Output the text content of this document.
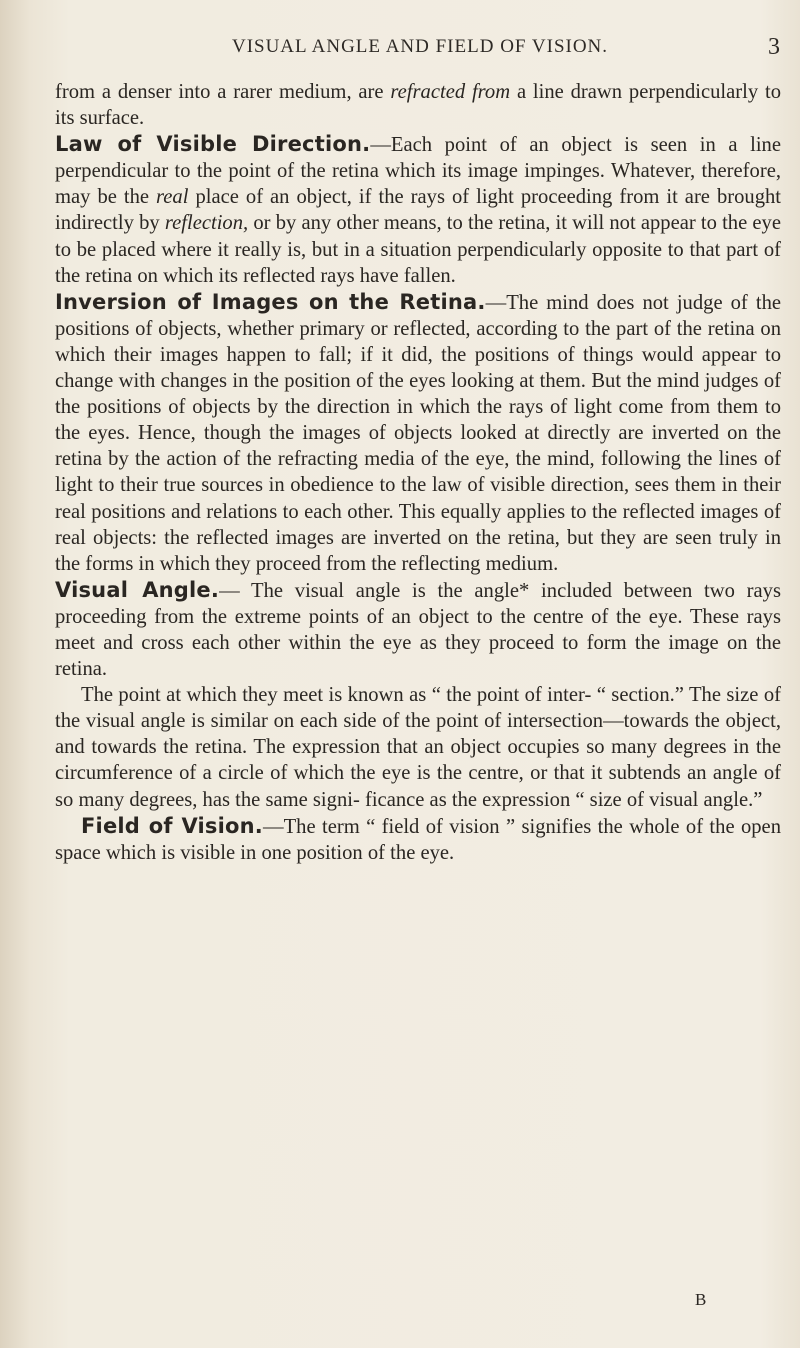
VISUAL ANGLE AND FIELD OF VISION.	3

from a denser into a rarer medium, are refracted from a line drawn perpendicularly to its surface.

Law of Visible Direction.—Each point of an object is seen in a line perpendicular to the point of the retina which its image impinges. Whatever, therefore, may be the real place of an object, if the rays of light proceeding from it are brought indirectly by reflection, or by any other means, to the retina, it will not appear to the eye to be placed where it really is, but in a situation perpendicularly opposite to that part of the retina on which its reflected rays have fallen.

Inversion of Images on the Retina.—The mind does not judge of the positions of objects, whether primary or reflected, according to the part of the retina on which their images happen to fall; if it did, the positions of things would appear to change with changes in the position of the eyes looking at them. But the mind judges of the positions of objects by the direction in which the rays of light come from them to the eyes. Hence, though the images of objects looked at directly are inverted on the retina by the action of the refracting media of the eye, the mind, following the lines of light to their true sources in obedience to the law of visible direction, sees them in their real positions and relations to each other. This equally applies to the reflected images of real objects: the reflected images are inverted on the retina, but they are seen truly in the forms in which they proceed from the reflecting medium.

Visual Angle.— The visual angle is the angle* included between two rays proceeding from the extreme points of an object to the centre of the eye. These rays meet and cross each other within the eye as they proceed to form the image on the retina.

The point at which they meet is known as “ the point of inter- “ section.” The size of the visual angle is similar on each side of the point of intersection—towards the object, and towards the retina. The expression that an object occupies so many degrees in the circumference of a circle of which the eye is the centre, or that it subtends an angle of so many degrees, has the same signi- ficance as the expression “ size of visual angle.”

Field of Vision.—The term “ field of vision ” signifies the whole of the open space which is visible in one position of the eye.

B
